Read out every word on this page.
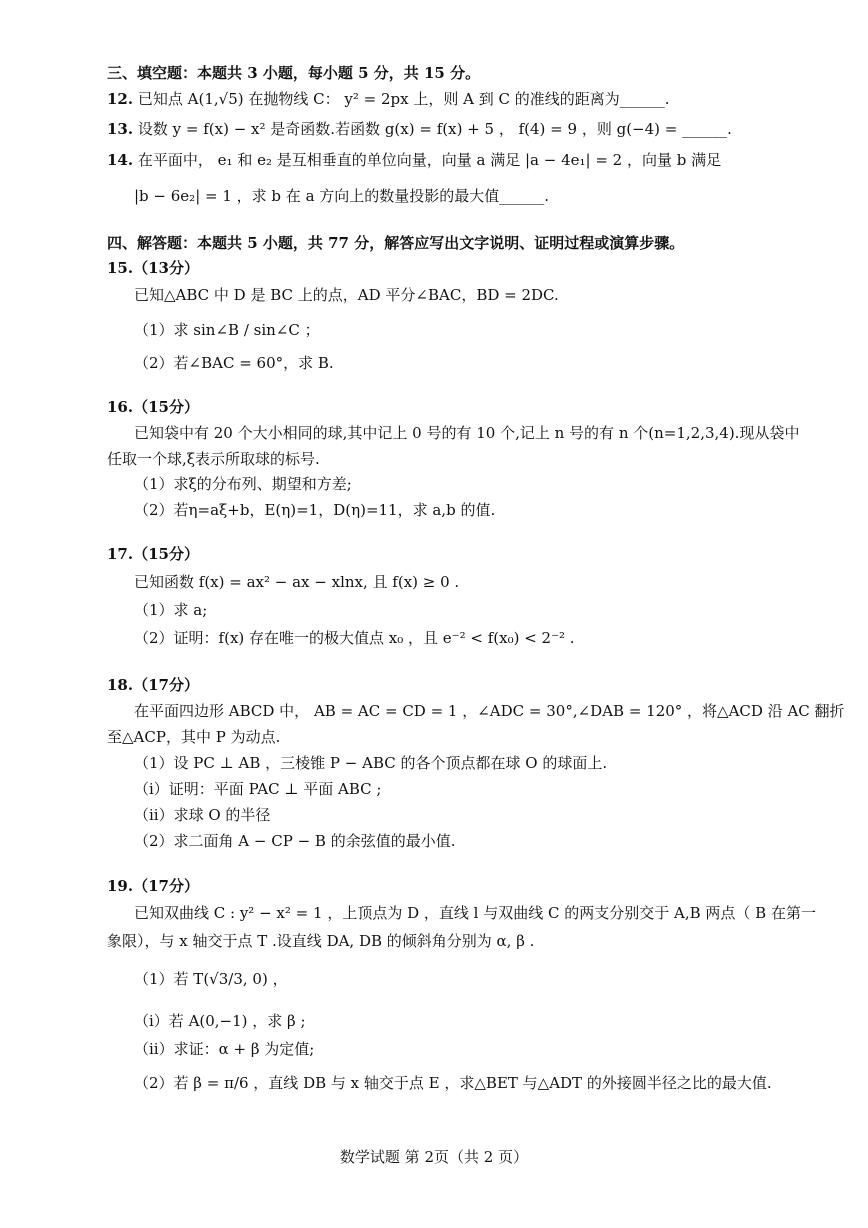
三、填空题：本题共 3 小题，每小题 5 分，共 15 分。
12. 已知点 A(1,√5) 在抛物线 C： y² = 2px 上，则 A 到 C 的准线的距离为______.
13. 设数 y = f(x) − x² 是奇函数.若函数 g(x) = f(x) + 5 ， f(4) = 9 ，则 g(−4) = ______.
14. 在平面中， e₁ 和 e₂ 是互相垂直的单位向量，向量 a 满足 |a − 4e₁| = 2 ，向量 b 满足
|b − 6e₂| = 1 ，求 b 在 a 方向上的数量投影的最大值______.
四、解答题：本题共 5 小题，共 77 分，解答应写出文字说明、证明过程或演算步骤。
15.（13分）
已知△ABC 中 D 是 BC 上的点，AD 平分∠BAC，BD = 2DC.
（1）求 sin∠B / sin∠C ；
（2）若∠BAC = 60°，求 B.
16.（15分）
已知袋中有 20 个大小相同的球,其中记上 0 号的有 10 个,记上 n 号的有 n 个(n=1,2,3,4).现从袋中
任取一个球,ξ表示所取球的标号.
（1）求ξ的分布列、期望和方差;
（2）若η=aξ+b，E(η)=1，D(η)=11，求 a,b 的值.
17.（15分）
已知函数 f(x) = ax² − ax − xlnx, 且 f(x) ≥ 0 .
（1）求 a;
（2）证明：f(x) 存在唯一的极大值点 x₀ ，且 e⁻² < f(x₀) < 2⁻² .
18.（17分）
在平面四边形 ABCD 中， AB = AC = CD = 1 ，∠ADC = 30°,∠DAB = 120° ，将△ACD 沿 AC 翻折
至△ACP，其中 P 为动点.
（1）设 PC ⊥ AB ，三棱锥 P − ABC 的各个顶点都在球 O 的球面上.
（i）证明：平面 PAC ⊥ 平面 ABC ;
（ii）求球 O 的半径
（2）求二面角 A − CP − B 的余弦值的最小值.
19.（17分）
已知双曲线 C : y² − x² = 1 ，上顶点为 D ，直线 l 与双曲线 C 的两支分别交于 A,B 两点（ B 在第一
象限），与 x 轴交于点 T .设直线 DA, DB 的倾斜角分别为 α, β .
（1）若 T(√3/3, 0) ，
（i）若 A(0,−1) ，求 β ;
（ii）求证：α + β 为定值;
（2）若 β = π/6 ，直线 DB 与 x 轴交于点 E ，求△BET 与△ADT 的外接圆半径之比的最大值.
数学试题 第 2页（共 2 页）
